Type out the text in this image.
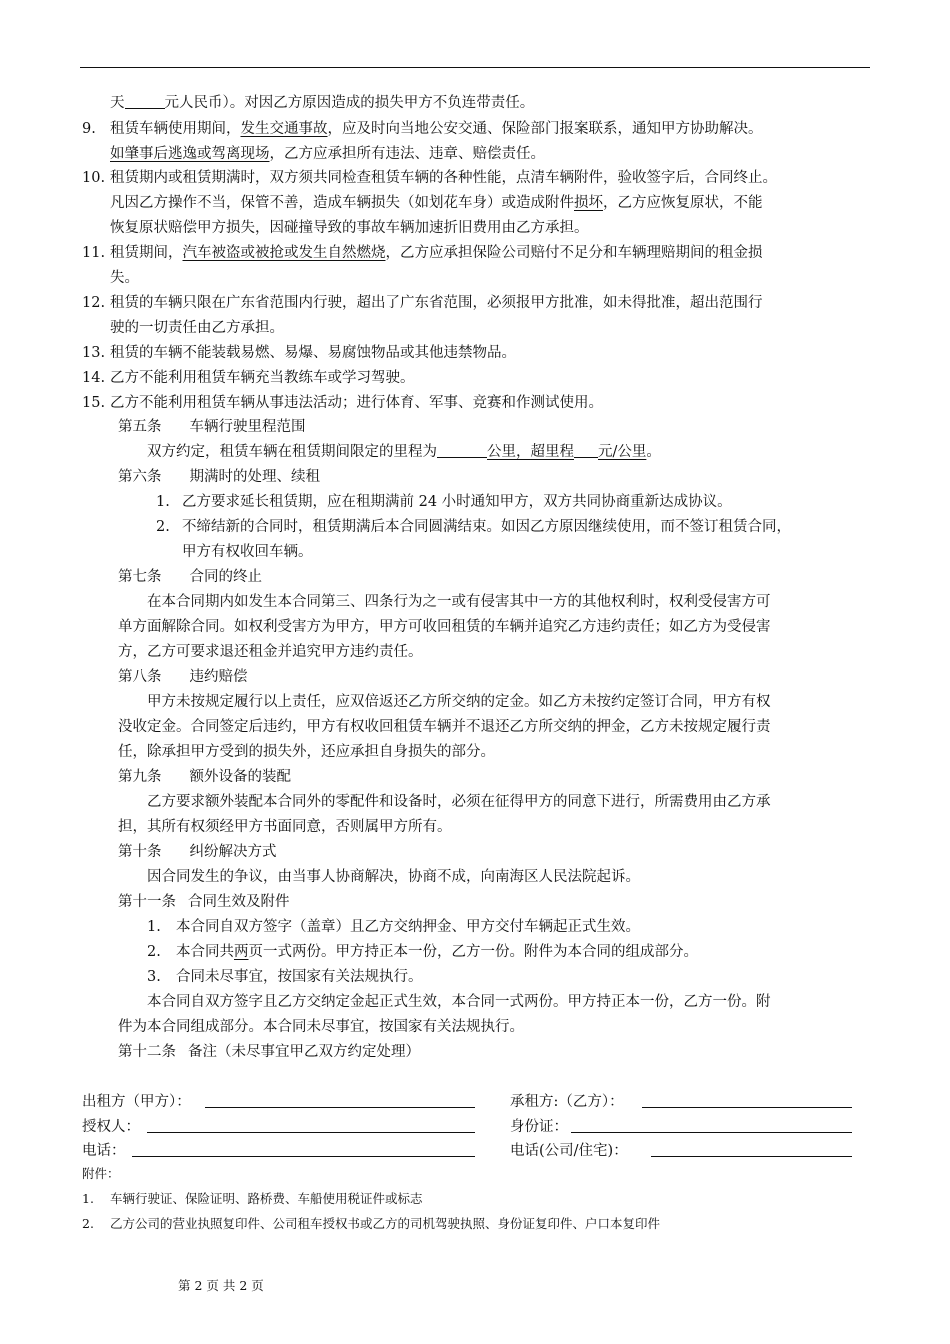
天	元人民币）。对因乙方原因造成的损失甲方不负连带责任。
9. 租赁车辆使用期间，发生交通事故，应及时向当地公安交通、保险部门报案联系，通知甲方协助解决。
如肇事后逃逸或驾离现场，乙方应承担所有违法、违章、赔偿责任。
10. 租赁期内或租赁期满时，双方须共同检查租赁车辆的各种性能，点清车辆附件，验收签字后，合同终止。
凡因乙方操作不当，保管不善，造成车辆损失（如划花车身）或造成附件损坏，乙方应恢复原状，不能
恢复原状赔偿甲方损失，因碰撞导致的事故车辆加速折旧费用由乙方承担。
11. 租赁期间，汽车被盗或被抢或发生自然燃烧，乙方应承担保险公司赔付不足分和车辆理赔期间的租金损
失。
12. 租赁的车辆只限在广东省范围内行驶，超出了广东省范围，必须报甲方批准，如未得批准，超出范围行
驶的一切责任由乙方承担。
13. 租赁的车辆不能装载易燃、易爆、易腐蚀物品或其他违禁物品。
14. 乙方不能利用租赁车辆充当教练车或学习驾驶。
15. 乙方不能利用租赁车辆从事违法活动；进行体育、军事、竞赛和作测试使用。
第五条 车辆行驶里程范围
双方约定，租赁车辆在租赁期间限定的里程为	公里，超里程 元/公里。
第六条 期满时的处理、续租
1. 乙方要求延长租赁期，应在租期满前 24 小时通知甲方，双方共同协商重新达成协议。
2. 不缔结新的合同时，租赁期满后本合同圆满结束。如因乙方原因继续使用，而不签订租赁合同，
甲方有权收回车辆。
第七条 合同的终止
在本合同期内如发生本合同第三、四条行为之一或有侵害其中一方的其他权利时，权利受侵害方可
单方面解除合同。如权利受害方为甲方，甲方可收回租赁的车辆并追究乙方违约责任；如乙方为受侵害
方，乙方可要求退还租金并追究甲方违约责任。
第八条 违约赔偿
甲方未按规定履行以上责任，应双倍返还乙方所交纳的定金。如乙方未按约定签订合同，甲方有权
没收定金。合同签定后违约，甲方有权收回租赁车辆并不退还乙方所交纳的押金，乙方未按规定履行责
任，除承担甲方受到的损失外，还应承担自身损失的部分。
第九条 额外设备的装配
乙方要求额外装配本合同外的零配件和设备时，必须在征得甲方的同意下进行，所需费用由乙方承
担，其所有权须经甲方书面同意，否则属甲方所有。
第十条 纠纷解决方式
因合同发生的争议，由当事人协商解决，协商不成，向南海区人民法院起诉。
第十一条 合同生效及附件
1. 本合同自双方签字（盖章）且乙方交纳押金、甲方交付车辆起正式生效。
2. 本合同共两页一式两份。甲方持正本一份，乙方一份。附件为本合同的组成部分。
3. 合同未尽事宜，按国家有关法规执行。
本合同自双方签字且乙方交纳定金起正式生效，本合同一式两份。甲方持正本一份，乙方一份。附
件为本合同组成部分。本合同未尽事宜，按国家有关法规执行。
第十二条 备注（未尽事宜甲乙双方约定处理）
出租方（甲方）：	承租方:（乙方）：
授权人：	身份证：
电话：	电话(公司/住宅)：
附件：
1. 车辆行驶证、保险证明、路桥费、车船使用税证件或标志
2. 乙方公司的营业执照复印件、公司租车授权书或乙方的司机驾驶执照、身份证复印件、户口本复印件
第 2 页 共 2 页
